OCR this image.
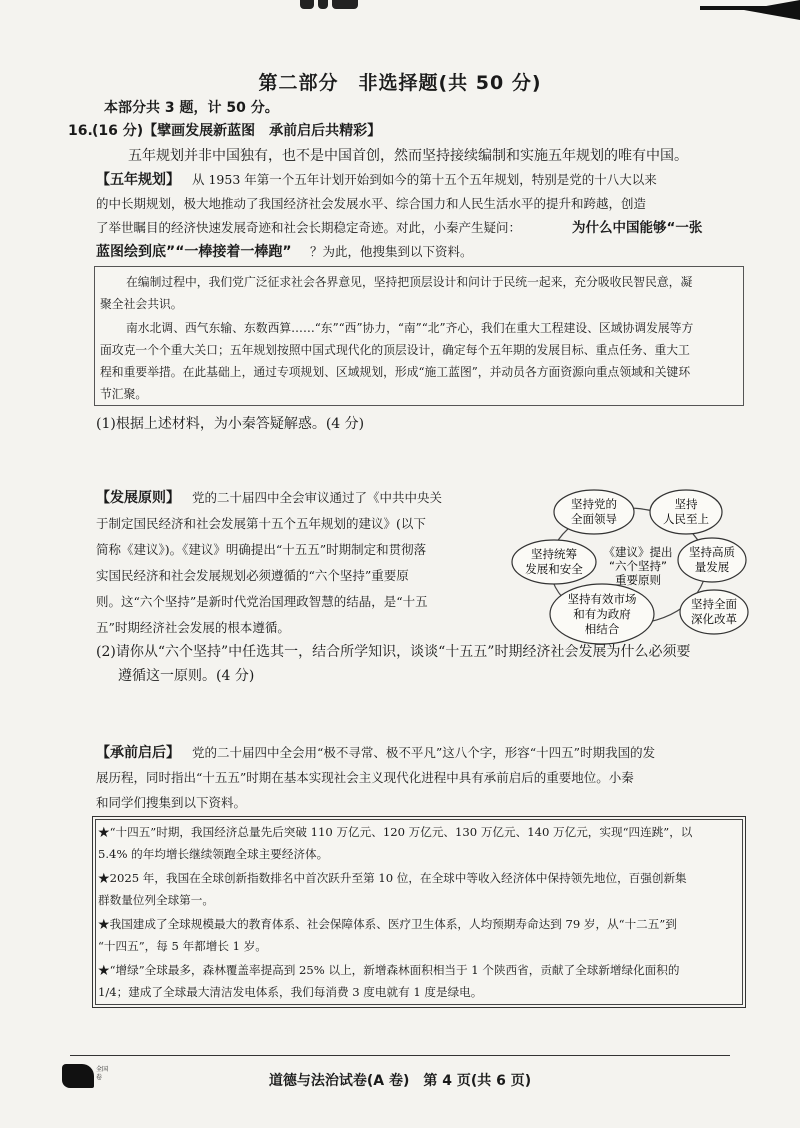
第二部分　非选择题(共 50 分)
本部分共 3 题，计 50 分。
16. (16 分)【擘画发展新蓝图　承前启后共精彩】
五年规划并非中国独有，也不是中国首创，然而坚持接续编制和实施五年规划的唯有中国。
【五年规划】 从 1953 年第一个五年计划开始到如今的第十五个五年规划，特别是党的十八大以来
的中长期规划，极大地推动了我国经济社会发展水平、综合国力和人民生活水平的提升和跨越，创造
了举世瞩目的经济快速发展奇迹和社会长期稳定奇迹。对此，小秦产生疑问：	为什么中国能够“一张
蓝图绘到底”“一棒接着一棒跑” ？为此，他搜集到以下资料。
在编制过程中，我们党广泛征求社会各界意见，坚持把顶层设计和问计于民统一起来，充分吸收民智民意，凝
聚全社会共识。
南水北调、西气东输、东数西算……“东”“西”协力，“南”“北”齐心，我们在重大工程建设、区域协调发展等方
面攻克一个个重大关口；五年规划按照中国式现代化的顶层设计，确定每个五年期的发展目标、重点任务、重大工
程和重要举措。在此基础上，通过专项规划、区域规划，形成“施工蓝图”，并动员各方面资源向重点领域和关键环
节汇聚。
(1)根据上述材料，为小秦答疑解惑。(4 分)
【发展原则】 党的二十届四中全会审议通过了《中共中央关
于制定国民经济和社会发展第十五个五年规划的建议》(以下
简称《建议》)。《建议》明确提出“十五五”时期制定和贯彻落
实国民经济和社会发展规划必须遵循的“六个坚持”重要原
则。这“六个坚持”是新时代党治国理政智慧的结晶，是“十五
五”时期经济社会发展的根本遵循。
坚持党的
全面领导
坚持
人民至上
坚持高质
量发展
坚持全面
深化改革
坚持有效市场
和有为政府
相结合
坚持统筹
发展和安全
《建议》提出
“六个坚持”
重要原则
(2)请你从“六个坚持”中任选其一，结合所学知识，谈谈“十五五”时期经济社会发展为什么必须要
遵循这一原则。(4 分)
【承前启后】 党的二十届四中全会用“极不寻常、极不平凡”这八个字，形容“十四五”时期我国的发
展历程，同时指出“十五五”时期在基本实现社会主义现代化进程中具有承前启后的重要地位。小秦
和同学们搜集到以下资料。
★“十四五”时期，我国经济总量先后突破 110 万亿元、120 万亿元、130 万亿元、140 万亿元，实现“四连跳”，以
5.4% 的年均增长继续领跑全球主要经济体。
★2025 年，我国在全球创新指数排名中首次跃升至第 10 位，在全球中等收入经济体中保持领先地位，百强创新集
群数量位列全球第一。
★我国建成了全球规模最大的教育体系、社会保障体系、医疗卫生体系，人均预期寿命达到 79 岁，从“十二五”到
“十四五”，每 5 年都增长 1 岁。
★“增绿”全球最多，森林覆盖率提高到 25% 以上，新增森林面积相当于 1 个陕西省，贡献了全球新增绿化面积的
1/4；建成了全球最大清洁发电体系，我们每消费 3 度电就有 1 度是绿电。
全国
卷	道德与法治试卷(A 卷)　第 4 页(共 6 页)
